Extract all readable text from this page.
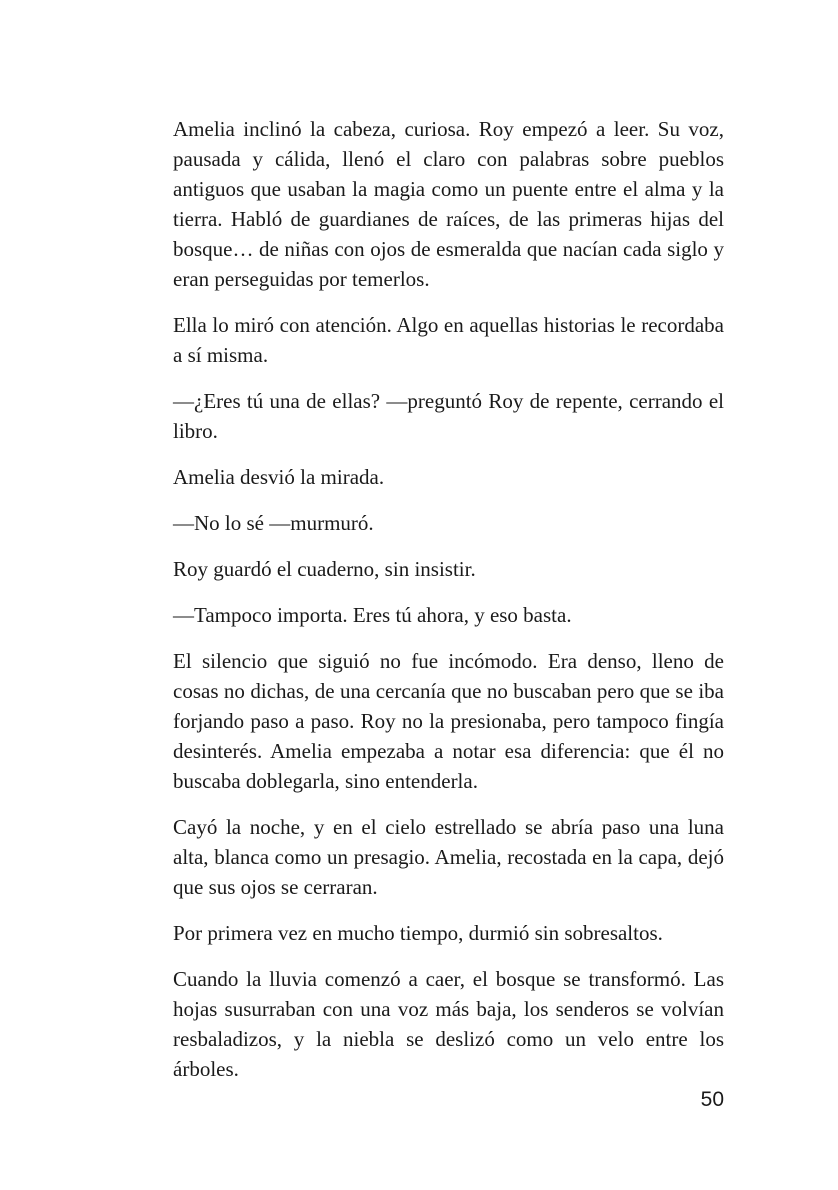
Amelia inclinó la cabeza, curiosa. Roy empezó a leer. Su voz, pausada y cálida, llenó el claro con palabras sobre pueblos antiguos que usaban la magia como un puente entre el alma y la tierra. Habló de guardianes de raíces, de las primeras hijas del bosque… de niñas con ojos de esmeralda que nacían cada siglo y eran perseguidas por temerlos.

Ella lo miró con atención. Algo en aquellas historias le recordaba a sí misma.

—¿Eres tú una de ellas? —preguntó Roy de repente, cerrando el libro.

Amelia desvió la mirada.

—No lo sé —murmuró.

Roy guardó el cuaderno, sin insistir.

—Tampoco importa. Eres tú ahora, y eso basta.

El silencio que siguió no fue incómodo. Era denso, lleno de cosas no dichas, de una cercanía que no buscaban pero que se iba forjando paso a paso. Roy no la presionaba, pero tampoco fingía desinterés. Amelia empezaba a notar esa diferencia: que él no buscaba doblegarla, sino entenderla.

Cayó la noche, y en el cielo estrellado se abría paso una luna alta, blanca como un presagio. Amelia, recostada en la capa, dejó que sus ojos se cerraran.

Por primera vez en mucho tiempo, durmió sin sobresaltos.

Cuando la lluvia comenzó a caer, el bosque se transformó. Las hojas susurraban con una voz más baja, los senderos se volvían resbaladizos, y la niebla se deslizó como un velo entre los árboles.

50
